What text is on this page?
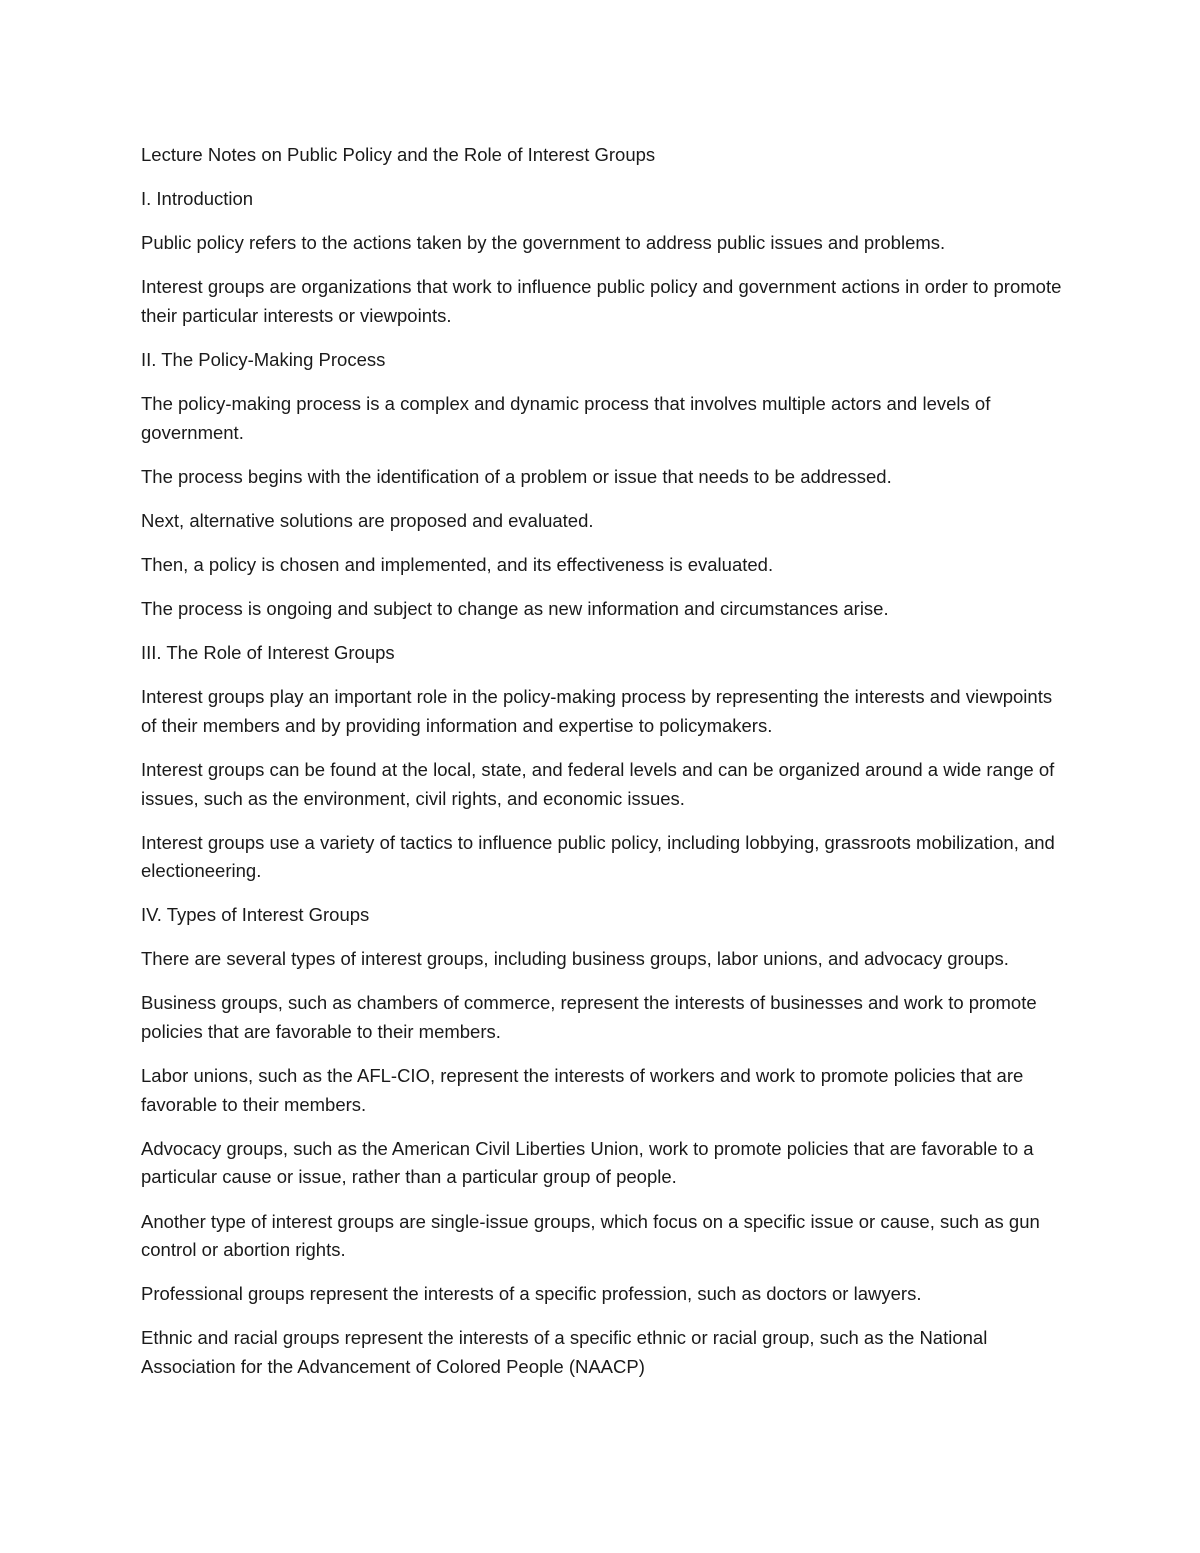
Lecture Notes on Public Policy and the Role of Interest Groups

I. Introduction

Public policy refers to the actions taken by the government to address public issues and problems.

Interest groups are organizations that work to influence public policy and government actions in order to promote their particular interests or viewpoints.

II. The Policy-Making Process

The policy-making process is a complex and dynamic process that involves multiple actors and levels of government.

The process begins with the identification of a problem or issue that needs to be addressed.

Next, alternative solutions are proposed and evaluated.

Then, a policy is chosen and implemented, and its effectiveness is evaluated.

The process is ongoing and subject to change as new information and circumstances arise.

III. The Role of Interest Groups

Interest groups play an important role in the policy-making process by representing the interests and viewpoints of their members and by providing information and expertise to policymakers.

Interest groups can be found at the local, state, and federal levels and can be organized around a wide range of issues, such as the environment, civil rights, and economic issues.

Interest groups use a variety of tactics to influence public policy, including lobbying, grassroots mobilization, and electioneering.

IV. Types of Interest Groups

There are several types of interest groups, including business groups, labor unions, and advocacy groups.

Business groups, such as chambers of commerce, represent the interests of businesses and work to promote policies that are favorable to their members.

Labor unions, such as the AFL-CIO, represent the interests of workers and work to promote policies that are favorable to their members.

Advocacy groups, such as the American Civil Liberties Union, work to promote policies that are favorable to a particular cause or issue, rather than a particular group of people.

Another type of interest groups are single-issue groups, which focus on a specific issue or cause, such as gun control or abortion rights.

Professional groups represent the interests of a specific profession, such as doctors or lawyers.

Ethnic and racial groups represent the interests of a specific ethnic or racial group, such as the National Association for the Advancement of Colored People (NAACP)
